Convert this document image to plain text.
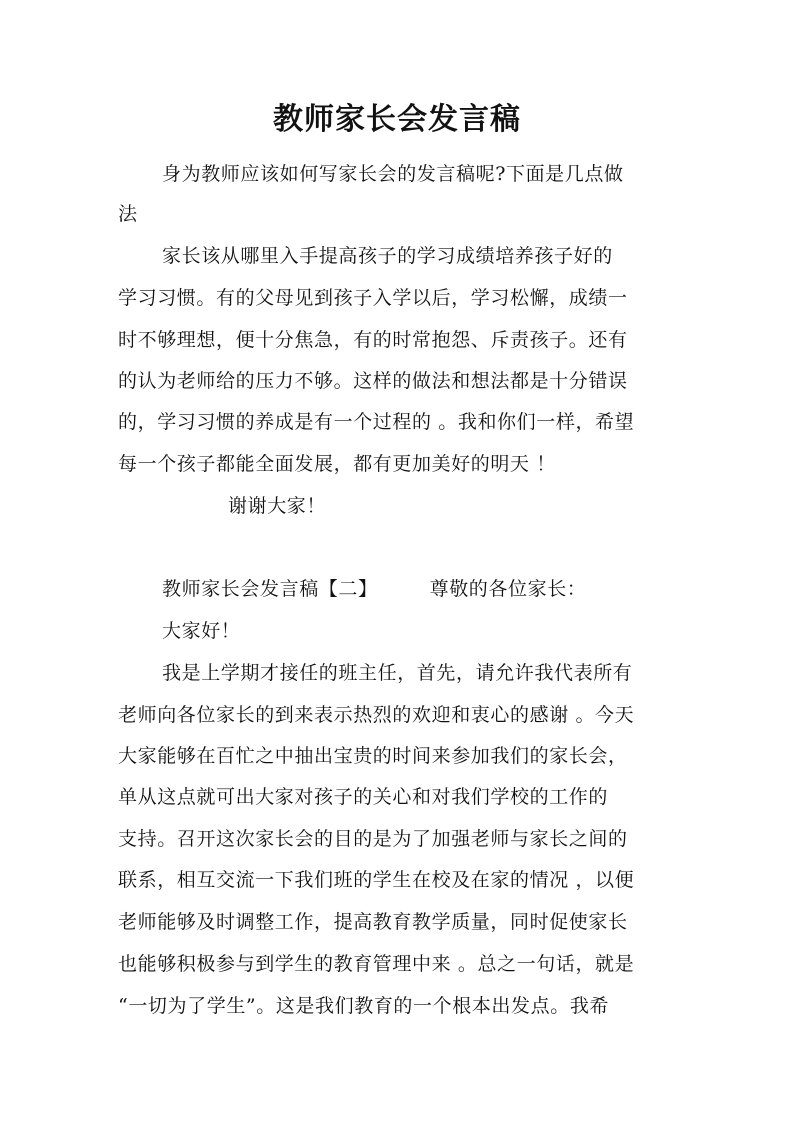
教师家长会发言稿
身为教师应该如何写家长会的发言稿呢?下面是几点做
法
家长该从哪里入手提高孩子的学习成绩培养孩子好的
学习习惯。有的父母见到孩子入学以后，学习松懈，成绩一
时不够理想，便十分焦急，有的时常抱怨、斥责孩子。还有
的认为老师给的压力不够。这样的做法和想法都是十分错误
的，学习习惯的养成是有一个过程的 。我和你们一样，希望
每一个孩子都能全面发展，都有更加美好的明天 ！
谢谢大家！
教师家长会发言稿【二】	尊敬的各位家长：
大家好！
我是上学期才接任的班主任，首先，请允许我代表所有
老师向各位家长的到来表示热烈的欢迎和衷心的感谢 。今天
大家能够在百忙之中抽出宝贵的时间来参加我们的家长会，
单从这点就可出大家对孩子的关心和对我们学校的工作的
支持。召开这次家长会的目的是为了加强老师与家长之间的
联系，相互交流一下我们班的学生在校及在家的情况 ，以便
老师能够及时调整工作，提高教育教学质量，同时促使家长
也能够积极参与到学生的教育管理中来 。总之一句话，就是
“一切为了学生”。这是我们教育的一个根本出发点。我希
